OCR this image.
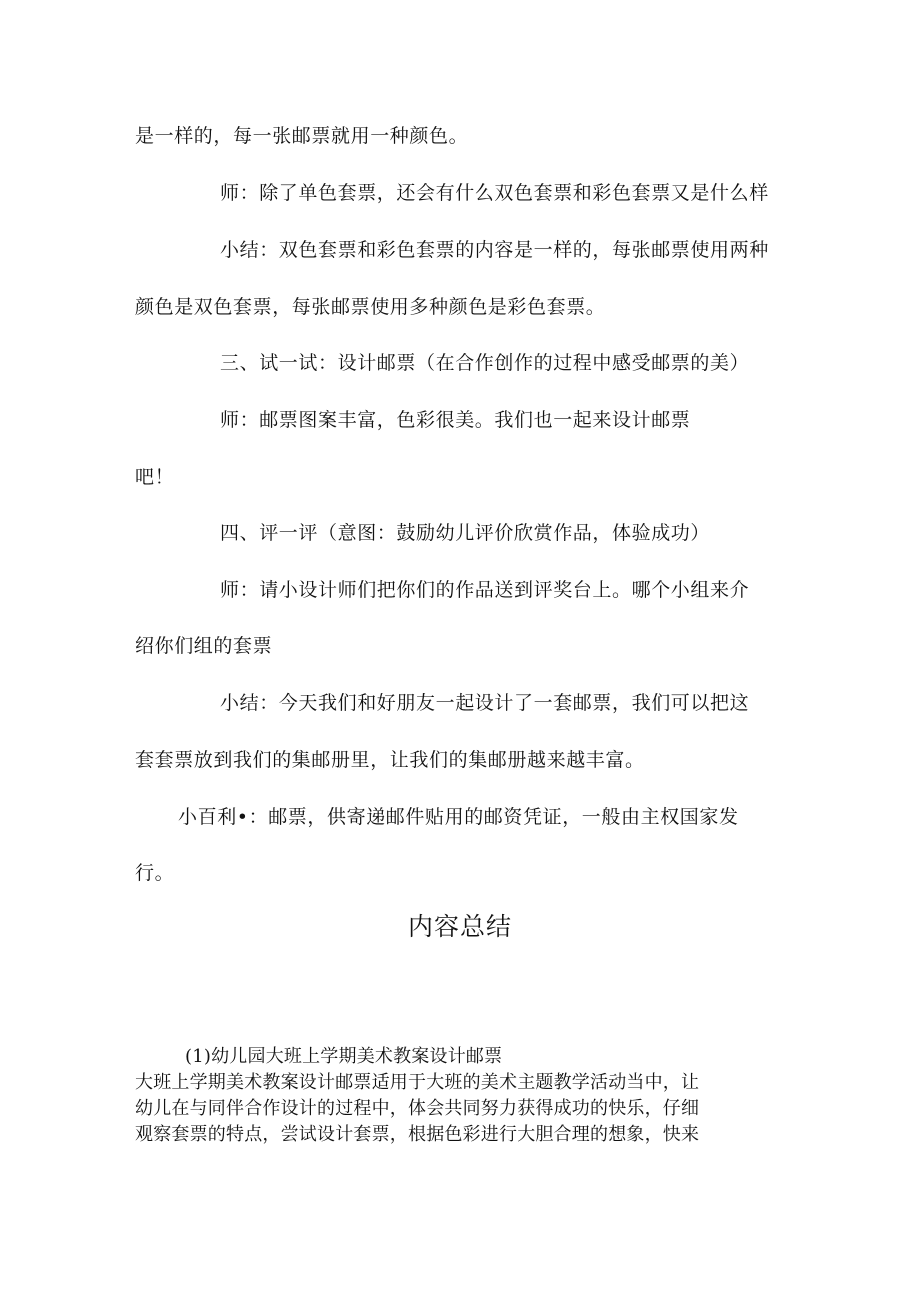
是一样的，每一张邮票就用一种颜色。
师：除了单色套票，还会有什么双色套票和彩色套票又是什么样
小结：双色套票和彩色套票的内容是一样的，每张邮票使用两种
颜色是双色套票，每张邮票使用多种颜色是彩色套票。
三、试一试：设计邮票（在合作创作的过程中感受邮票的美）
师：邮票图案丰富，色彩很美。我们也一起来设计邮票
吧！
四、评一评（意图：鼓励幼儿评价欣赏作品，体验成功）
师：请小设计师们把你们的作品送到评奖台上。哪个小组来介
绍你们组的套票
小结：今天我们和好朋友一起设计了一套邮票，我们可以把这
套套票放到我们的集邮册里，让我们的集邮册越来越丰富。
小百利•：邮票，供寄递邮件贴用的邮资凭证，一般由主权国家发
行。
内容总结
(1)幼儿园大班上学期美术教案设计邮票
大班上学期美术教案设计邮票适用于大班的美术主题教学活动当中，让
幼儿在与同伴合作设计的过程中，体会共同努力获得成功的快乐，仔细
观察套票的特点，尝试设计套票，根据色彩进行大胆合理的想象，快来
